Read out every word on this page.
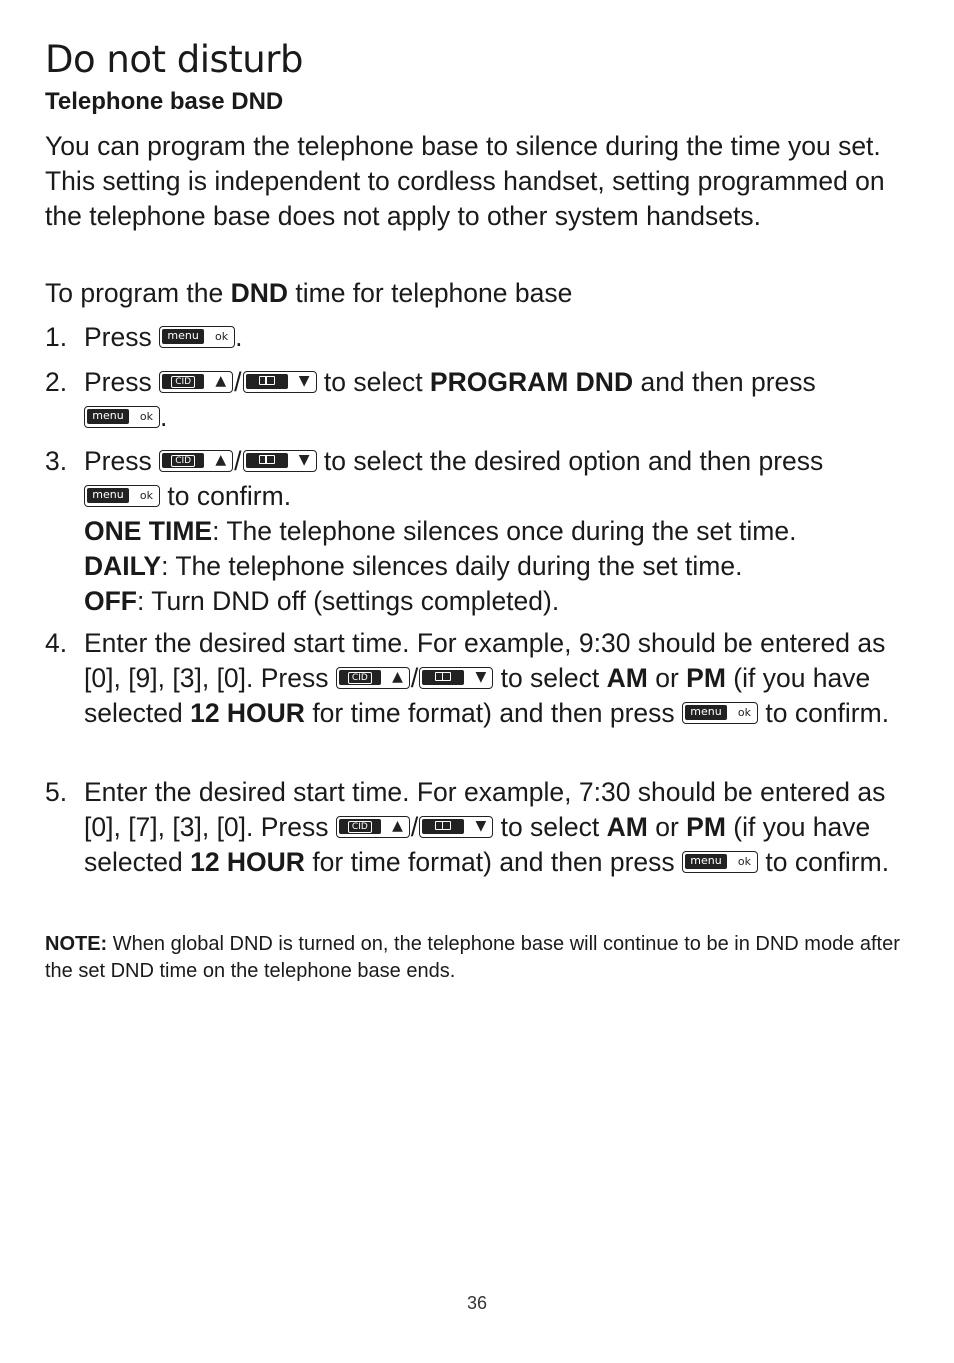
Do not disturb
Telephone base DND

You can program the telephone base to silence during the time you set. This setting is independent to cordless handset, setting programmed on the telephone base does not apply to other system handsets.

To program the DND time for telephone base

1. Press	menu	ok .
2. Press	CID	▲ /	▼ to select PROGRAM DND and then press

menu	ok .
3. Press	CID	▲ /	▼ to select the desired option and then press

menu	ok to confirm.
ONE TIME: The telephone silences once during the set time.
DAILY: The telephone silences daily during the set time.
OFF: Turn DND off (settings completed).
4. Enter the desired start time. For example, 9:30 should be entered as [0], [9], [3], [0]. Press	CID	▲ /	▼ to select AM or PM (if you have selected 12 HOUR for time format) and then press menu	ok to confirm.
5. Enter the desired start time. For example, 7:30 should be entered as [0], [7], [3], [0]. Press	CID	▲ /	▼ to select AM or PM (if you have selected 12 HOUR for time format) and then press menu	ok to confirm.

NOTE: When global DND is turned on, the telephone base will continue to be in DND mode after the set DND time on the telephone base ends.

36
